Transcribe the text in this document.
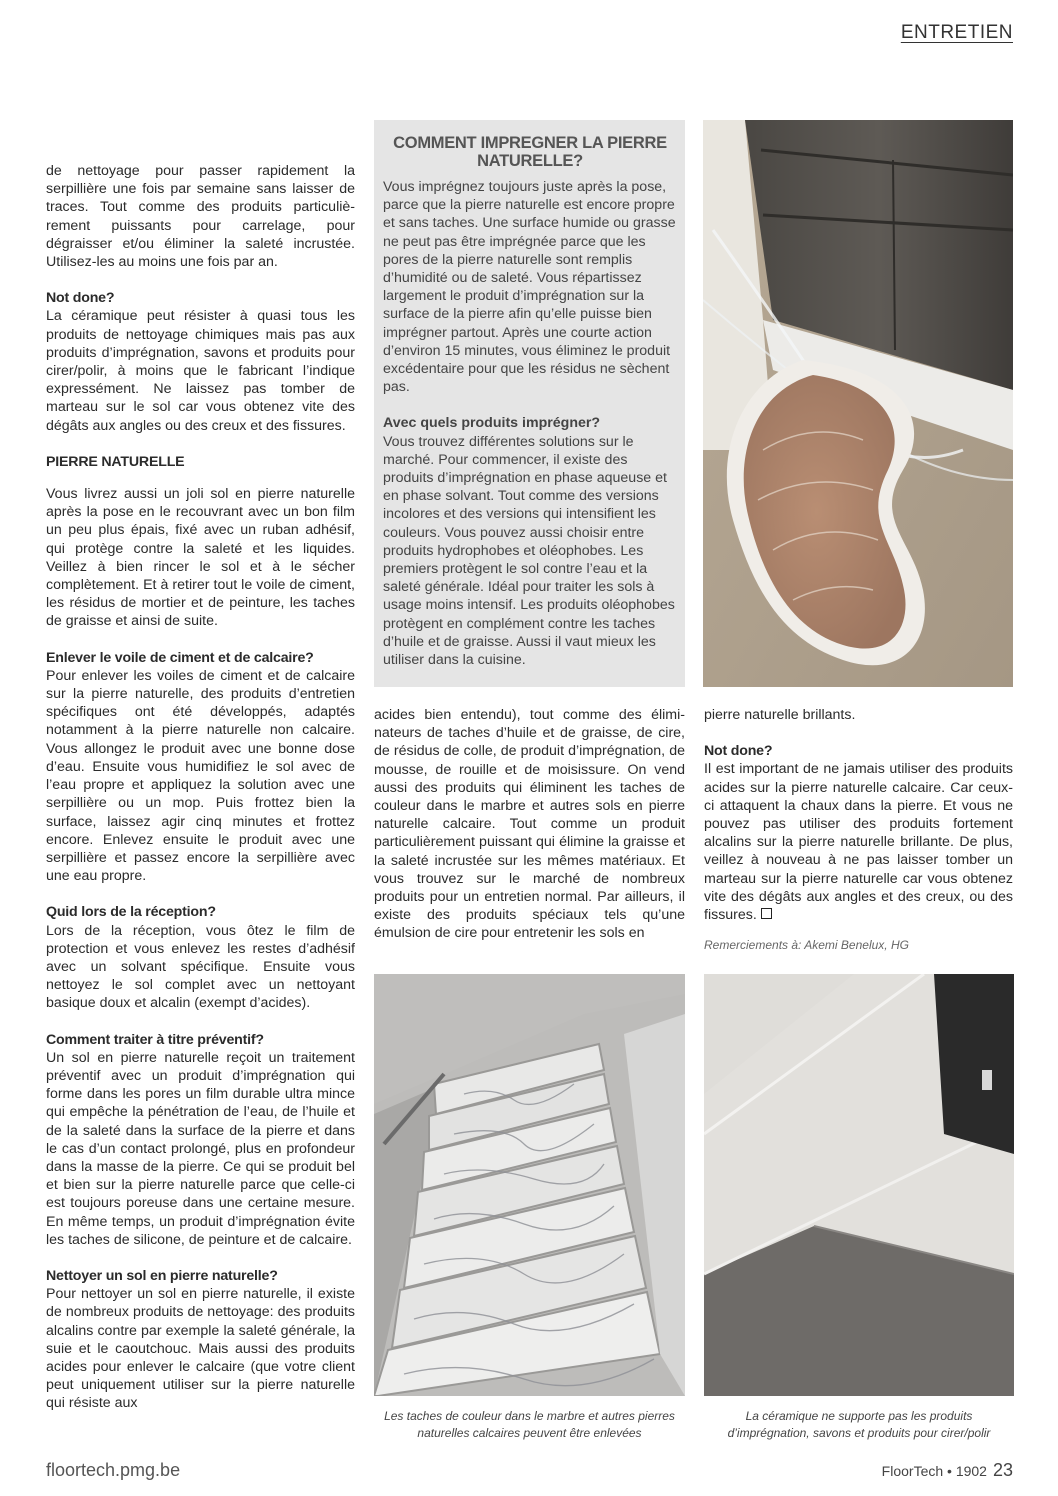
ENTRETIEN

de nettoyage pour passer rapidement la serpillière une fois par semaine sans laisser de traces. Tout comme des produits particulièrement puissants pour carrelage, pour dégraisser et/ou éliminer la saleté incrustée. Utilisez-les au moins une fois par an.

Not done?

La céramique peut résister à quasi tous les produits de nettoyage chimiques mais pas aux produits d’imprégnation, savons et produits pour cirer/polir, à moins que le fabricant l’indique expressément. Ne laissez pas tomber de marteau sur le sol car vous obtenez vite des dégâts aux angles ou des creux et des fissures.

PIERRE NATURELLE

Vous livrez aussi un joli sol en pierre naturelle après la pose en le recouvrant avec un bon film un peu plus épais, fixé avec un ruban adhésif, qui protège contre la saleté et les liquides. Veillez à bien rincer le sol et à le sécher complètement. Et à retirer tout le voile de ciment, les résidus de mortier et de peinture, les taches de graisse et ainsi de suite.

Enlever le voile de ciment et de calcaire?

Pour enlever les voiles de ciment et de calcaire sur la pierre naturelle, des produits d’entretien spécifiques ont été développés, adaptés notamment à la pierre naturelle non calcaire. Vous allongez le produit avec une bonne dose d’eau. Ensuite vous humidifiez le sol avec de l’eau propre et appliquez la solution avec une serpillière ou un mop. Puis frottez bien la surface, laissez agir cinq minutes et frottez encore. Enlevez ensuite le produit avec une serpillière et passez encore la serpillière avec une eau propre.

Quid lors de la réception?

Lors de la réception, vous ôtez le film de protection et vous enlevez les restes d’adhésif avec un solvant spécifique. Ensuite vous nettoyez le sol complet avec un nettoyant basique doux et alcalin (exempt d’acides).

Comment traiter à titre préventif?

Un sol en pierre naturelle reçoit un traitement préventif avec un produit d’imprégnation qui forme dans les pores un film durable ultra mince qui empêche la pénétration de l’eau, de l’huile et de la saleté dans la surface de la pierre et dans le cas d’un contact prolongé, plus en profondeur dans la masse de la pierre. Ce qui se produit bel et bien sur la pierre naturelle parce que celle-ci est toujours poreuse dans une certaine mesure. En même temps, un produit d’imprégnation évite les taches de silicone, de peinture et de calcaire.

Nettoyer un sol en pierre naturelle?

Pour nettoyer un sol en pierre naturelle, il existe de nombreux produits de nettoyage: des produits alcalins contre par exemple la saleté générale, la suie et le caoutchouc. Mais aussi des produits acides pour enlever le calcaire (que votre client peut uniquement utiliser sur la pierre naturelle qui résiste aux

COMMENT IMPREGNER LA PIERRE NATURELLE?

Vous imprégnez toujours juste après la pose, parce que la pierre naturelle est encore propre et sans taches. Une surface humide ou grasse ne peut pas être imprégnée parce que les pores de la pierre naturelle sont remplis d’humidité ou de saleté. Vous répartissez largement le produit d’imprégnation sur la surface de la pierre afin qu’elle puisse bien imprégner partout. Après une courte action d’environ 15 minutes, vous éliminez le produit excédentaire pour que les résidus ne sèchent pas.

Avec quels produits imprégner?

Vous trouvez différentes solutions sur le marché. Pour commencer, il existe des produits d’imprégnation en phase aqueuse et en phase solvant. Tout comme des versions incolores et des versions qui intensifient les couleurs. Vous pouvez aussi choisir entre produits hydrophobes et oléophobes. Les premiers protègent le sol contre l’eau et la saleté générale. Idéal pour traiter les sols à usage moins intensif. Les produits oléophobes protègent en complément contre les taches d’huile et de graisse. Aussi il vaut mieux les utiliser dans la cuisine.

acides bien entendu), tout comme des éliminateurs de taches d’huile et de graisse, de cire, de résidus de colle, de produit d’imprégnation, de mousse, de rouille et de moisissure. On vend aussi des produits qui éliminent les taches de couleur dans le marbre et autres sols en pierre naturelle calcaire. Tout comme un produit particulièrement puissant qui élimine la graisse et la saleté incrustée sur les mêmes matériaux. Et vous trouvez sur le marché de nombreux produits pour un entretien normal. Par ailleurs, il existe des produits spéciaux tels qu’une émulsion de cire pour entretenir les sols en

pierre naturelle brillants.

Not done?

Il est important de ne jamais utiliser des produits acides sur la pierre naturelle calcaire. Car ceux-ci attaquent la chaux dans la pierre. Et vous ne pouvez pas utiliser des produits fortement alcalins sur la pierre naturelle brillante. De plus, veillez à nouveau à ne pas laisser tomber un marteau sur la pierre naturelle car vous obtenez vite des dégâts aux angles et des creux, ou des fissures.

Remerciements à: Akemi Benelux, HG
Les taches de couleur dans le marbre et autres pierres naturelles calcaires peuvent être enlevées
La céramique ne supporte pas les produits d’imprégnation, savons et produits pour cirer/polir
floortech.pmg.be	FloorTech • 1902 23
